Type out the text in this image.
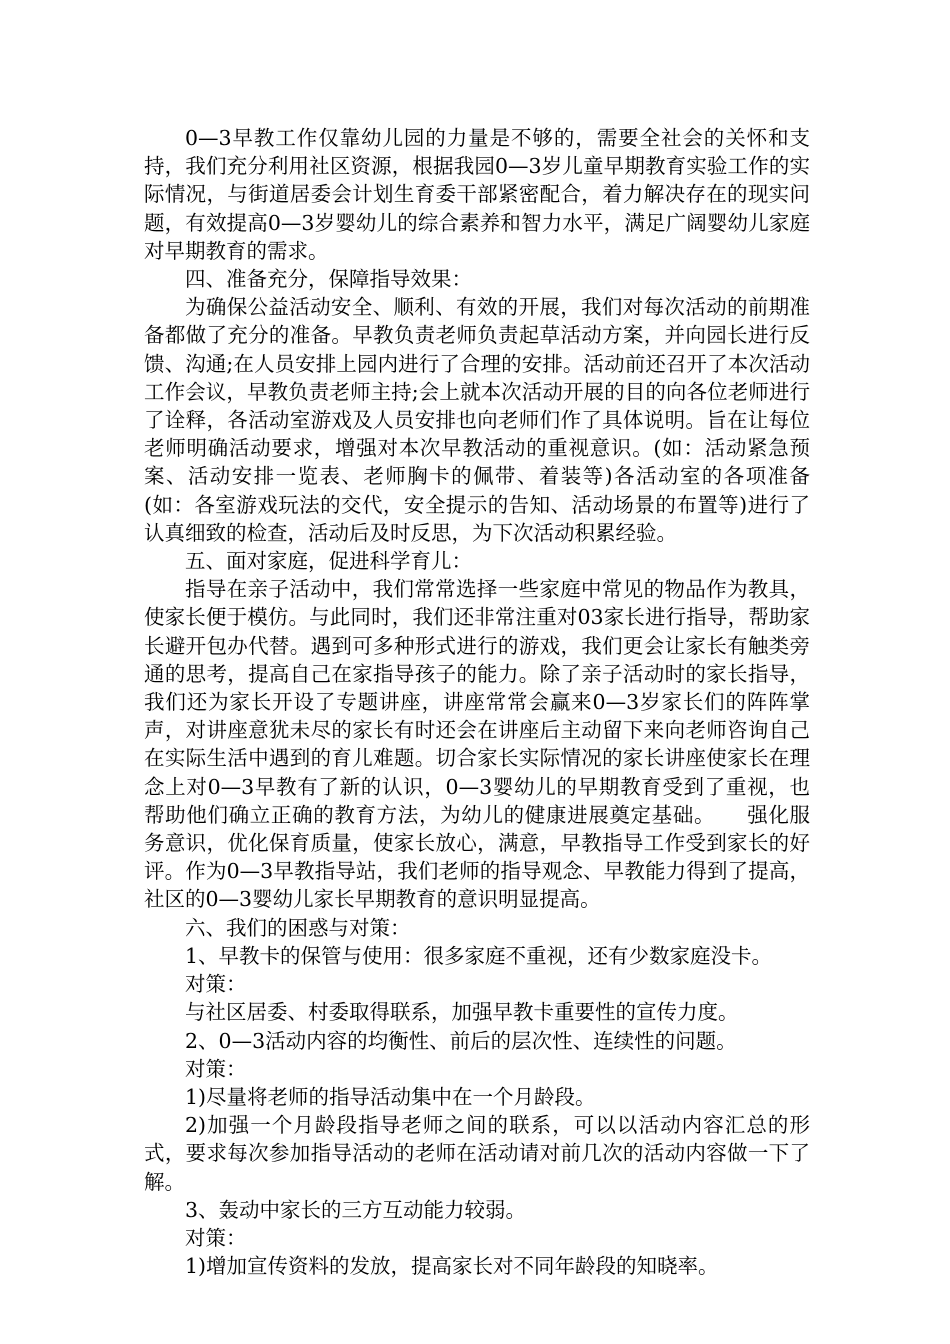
0—3早教工作仅靠幼儿园的力量是不够的，需要全社会的关怀和支持，我们充分利用社区资源，根据我园0—3岁儿童早期教育实验工作的实际情况，与街道居委会计划生育委干部紧密配合，着力解决存在的现实问题，有效提高0—3岁婴幼儿的综合素养和智力水平，满足广阔婴幼儿家庭对早期教育的需求。

四、准备充分，保障指导效果：

为确保公益活动安全、顺利、有效的开展，我们对每次活动的前期准备都做了充分的准备。早教负责老师负责起草活动方案，并向园长进行反馈、沟通;在人员安排上园内进行了合理的安排。活动前还召开了本次活动工作会议，早教负责老师主持;会上就本次活动开展的目的向各位老师进行了诠释，各活动室游戏及人员安排也向老师们作了具体说明。旨在让每位老师明确活动要求，增强对本次早教活动的重视意识。(如：活动紧急预案、活动安排一览表、老师胸卡的佩带、着装等)各活动室的各项准备(如：各室游戏玩法的交代，安全提示的告知、活动场景的布置等)进行了认真细致的检查，活动后及时反思，为下次活动积累经验。

五、面对家庭，促进科学育儿：

指导在亲子活动中，我们常常选择一些家庭中常见的物品作为教具，使家长便于模仿。与此同时，我们还非常注重对03家长进行指导，帮助家长避开包办代替。遇到可多种形式进行的游戏，我们更会让家长有触类旁通的思考，提高自己在家指导孩子的能力。除了亲子活动时的家长指导，我们还为家长开设了专题讲座，讲座常常会赢来0—3岁家长们的阵阵掌声，对讲座意犹未尽的家长有时还会在讲座后主动留下来向老师咨询自己在实际生活中遇到的育儿难题。切合家长实际情况的家长讲座使家长在理念上对0—3早教有了新的认识，0—3婴幼儿的早期教育受到了重视，也帮助他们确立正确的教育方法，为幼儿的健康进展奠定基础。　　强化服务意识，优化保育质量，使家长放心，满意，早教指导工作受到家长的好评。作为0—3早教指导站，我们老师的指导观念、早教能力得到了提高，社区的0—3婴幼儿家长早期教育的意识明显提高。

六、我们的困惑与对策：

1、早教卡的保管与使用：很多家庭不重视，还有少数家庭没卡。

对策：

与社区居委、村委取得联系，加强早教卡重要性的宣传力度。

2、0—3活动内容的均衡性、前后的层次性、连续性的问题。

对策：

1)尽量将老师的指导活动集中在一个月龄段。

2)加强一个月龄段指导老师之间的联系，可以以活动内容汇总的形式，要求每次参加指导活动的老师在活动请对前几次的活动内容做一下了解。

3、轰动中家长的三方互动能力较弱。

对策：

1)增加宣传资料的发放，提高家长对不同年龄段的知晓率。
